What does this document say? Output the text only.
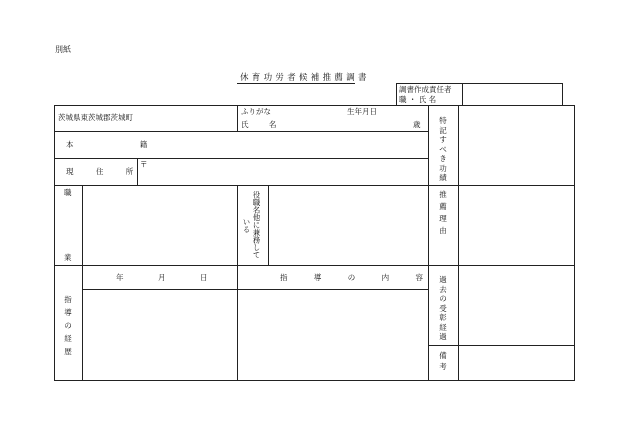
別紙
休育功労者候補推薦調書
調書作成責任者
職 ・ 氏 名
茨城県東茨城郡茨城町
ふりがな	生年月日
氏 名	歳
本 籍
現 住 所
〒
職
業	役職名他に兼務している
指導の経歴
年	月	日	指 導 の 内 容
特記すべき功績
推薦理由
過去の受彰経過
備考
